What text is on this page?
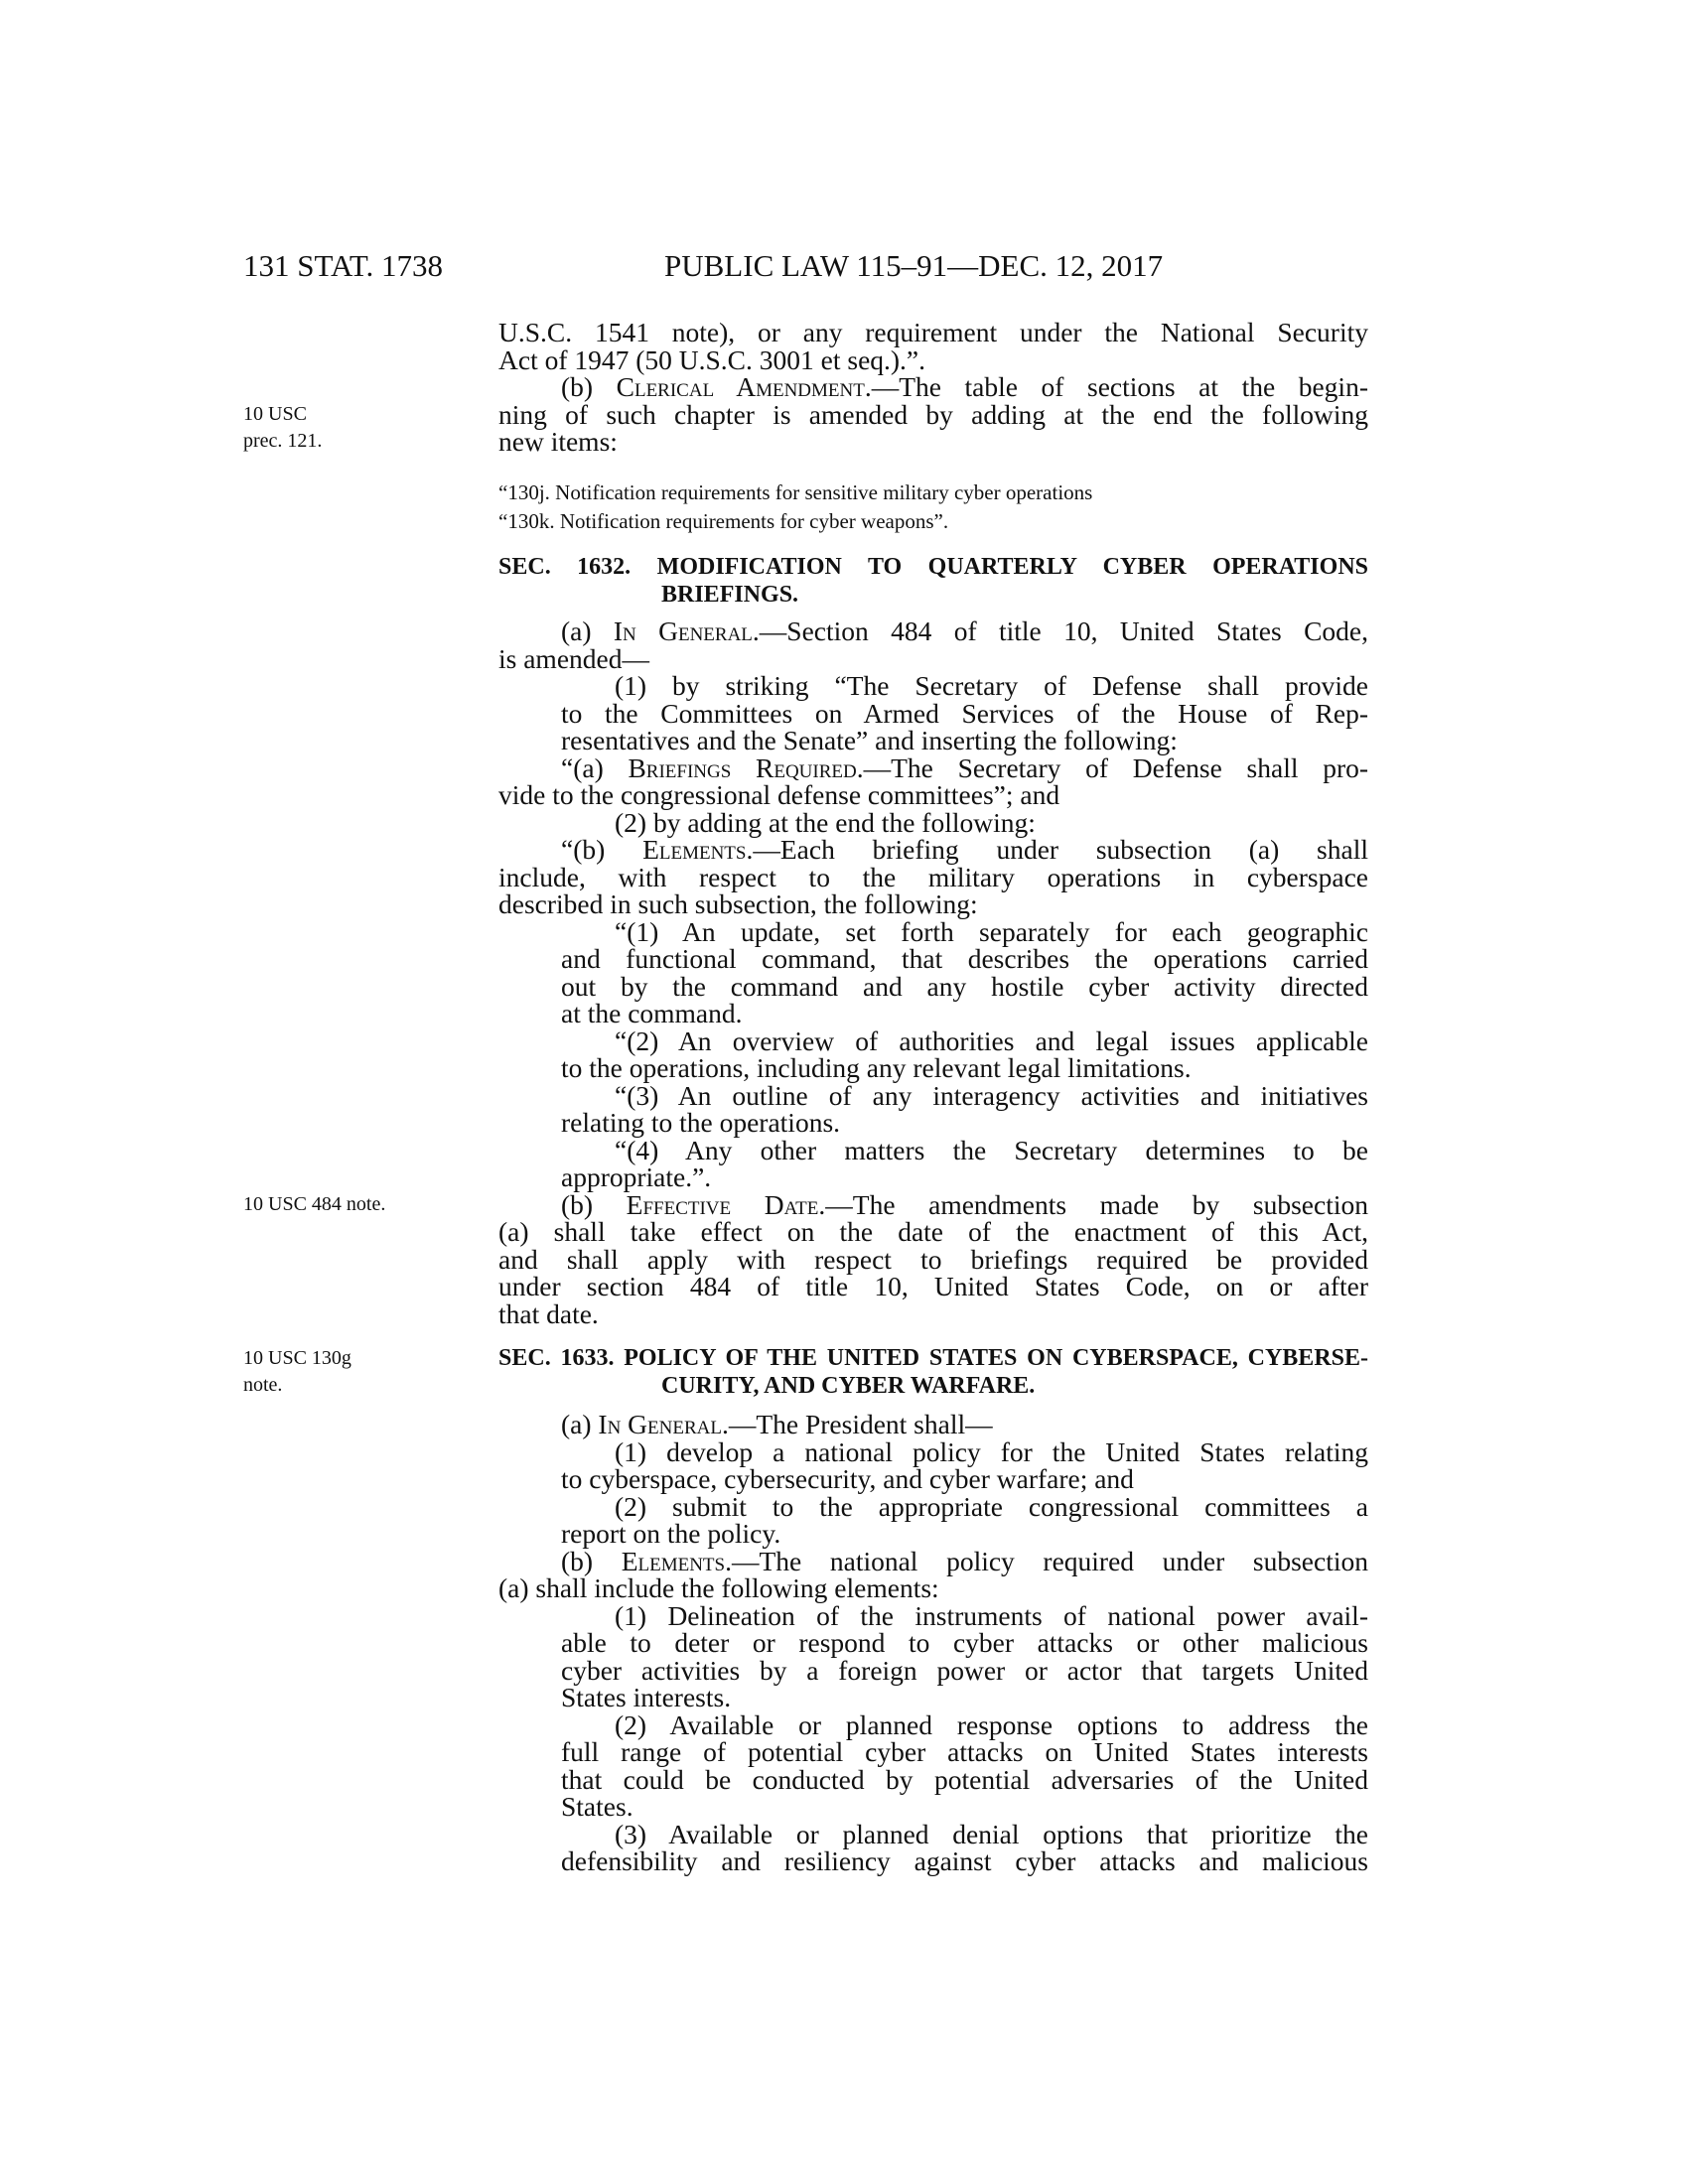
131 STAT. 1738	PUBLIC LAW 115–91—DEC. 12, 2017
10 USC
prec. 121.
10 USC 484 note.
10 USC 130g
note.
U.S.C. 1541 note), or any requirement under the National Security
Act of 1947 (50 U.S.C. 3001 et seq.).”.
(b) Clerical Amendment.—The table of sections at the begin-
ning of such chapter is amended by adding at the end the following
new items:
“130j. Notification requirements for sensitive military cyber operations
“130k. Notification requirements for cyber weapons”.
SEC. 1632. MODIFICATION TO QUARTERLY CYBER OPERATIONS
BRIEFINGS.
(a) In General.—Section 484 of title 10, United States Code,
is amended—
(1) by striking “The Secretary of Defense shall provide
to the Committees on Armed Services of the House of Rep-
resentatives and the Senate” and inserting the following:
“(a) Briefings Required.—The Secretary of Defense shall pro-
vide to the congressional defense committees”; and
(2) by adding at the end the following:
“(b) Elements.—Each briefing under subsection (a) shall
include, with respect to the military operations in cyberspace
described in such subsection, the following:
“(1) An update, set forth separately for each geographic
and functional command, that describes the operations carried
out by the command and any hostile cyber activity directed
at the command.
“(2) An overview of authorities and legal issues applicable
to the operations, including any relevant legal limitations.
“(3) An outline of any interagency activities and initiatives
relating to the operations.
“(4) Any other matters the Secretary determines to be
appropriate.”.
(b) Effective Date.—The amendments made by subsection
(a) shall take effect on the date of the enactment of this Act,
and shall apply with respect to briefings required be provided
under section 484 of title 10, United States Code, on or after
that date.
SEC. 1633. POLICY OF THE UNITED STATES ON CYBERSPACE, CYBERSE-
CURITY, AND CYBER WARFARE.
(a) In General.—The President shall—
(1) develop a national policy for the United States relating
to cyberspace, cybersecurity, and cyber warfare; and
(2) submit to the appropriate congressional committees a
report on the policy.
(b) Elements.—The national policy required under subsection
(a) shall include the following elements:
(1) Delineation of the instruments of national power avail-
able to deter or respond to cyber attacks or other malicious
cyber activities by a foreign power or actor that targets United
States interests.
(2) Available or planned response options to address the
full range of potential cyber attacks on United States interests
that could be conducted by potential adversaries of the United
States.
(3) Available or planned denial options that prioritize the
defensibility and resiliency against cyber attacks and malicious
